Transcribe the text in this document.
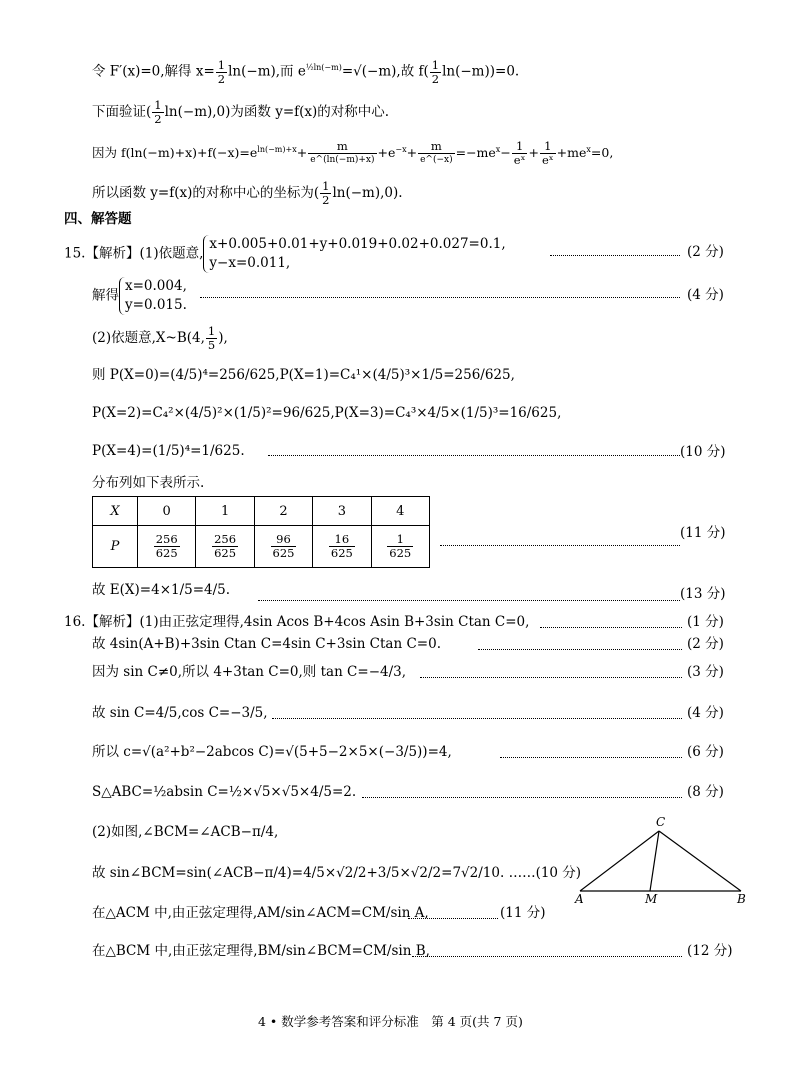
令 F′(x)=0,解得 $x= \frac{1}{2} \ln(-m)$,而 $e^{\frac{1}{2}ln(-m)}=√(-m)$,故 $f( \frac{1}{2} \ln(-m))=0$.
下面验证( $\frac{1}{2} \ln(-m),0$)为函数 y=f(x)的对称中心.
因为 $f(\ln(-m)+x)+f(-x)=e^{ln(-m)+x}+ \frac{m}{e\^{}(\ln(-m)+x)} +e^{-x}+ \frac{m}{e\^{}(-x)} =-me^x- \frac{1}{\text{eˣ}} + \frac{1}{\text{eˣ}} +me^x=0$,
所以函数 y=f(x)的对称中心的坐标为( $\frac{1}{2} \ln(-m),0$).
四、解答题
15.【解析】(1)依题意,
x+0.005+0.01+y+0.019+0.02+0.027=0.1,
y−x=0.011,
(2 分)
解得
x=0.004,
y=0.015.
(4 分)
(2)依题意,X~B(4, $\frac{1}{5}$ ),
则 P(X=0)=(4/5)⁴=256/625,P(X=1)=C₄¹×(4/5)³×1/5=256/625,
P(X=2)=C₄²×(4/5)²×(1/5)²=96/625,P(X=3)=C₄³×4/5×(1/5)³=16/625,
P(X=4)=(1/5)⁴=1/625.	(10 分)
分布列如下表所示.
X	0	1	2	3	4
P	$\frac{256}{625}$	$\frac{256}{625}$	$\frac{96}{625}$	$\frac{16}{625}$	$\frac{1}{625}$	(11 分)
故 E(X)=4×1/5=4/5.	(13 分)
16.【解析】(1)由正弦定理得,4sin Acos B+4cos Asin B+3sin Ctan C=0,	(1 分)
故 4sin(A+B)+3sin Ctan C=4sin C+3sin Ctan C=0.	(2 分)
因为 sin C≠0,所以 4+3tan C=0,则 tan C=−4/3,	(3 分)
故 sin C=4/5,cos C=−3/5,	(4 分)
所以 c=√(a²+b²−2abcos C)=√(5+5−2×5×(−3/5))=4,	(6 分)
S△ABC=½absin C=½×√5×√5×4/5=2.	(8 分)
(2)如图,∠BCM=∠ACB−π/4,
故 sin∠BCM=sin(∠ACB−π/4)=4/5×√2/2+3/5×√2/2=7√2/10. ……(10 分)
在△ACM 中,由正弦定理得,AM/sin∠ACM=CM/sin A,	(11 分)
在△BCM 中,由正弦定理得,BM/sin∠BCM=CM/sin B,	(12 分)
C
A	M	B
4 • 数学参考答案和评分标准　第 4 页(共 7 页)
